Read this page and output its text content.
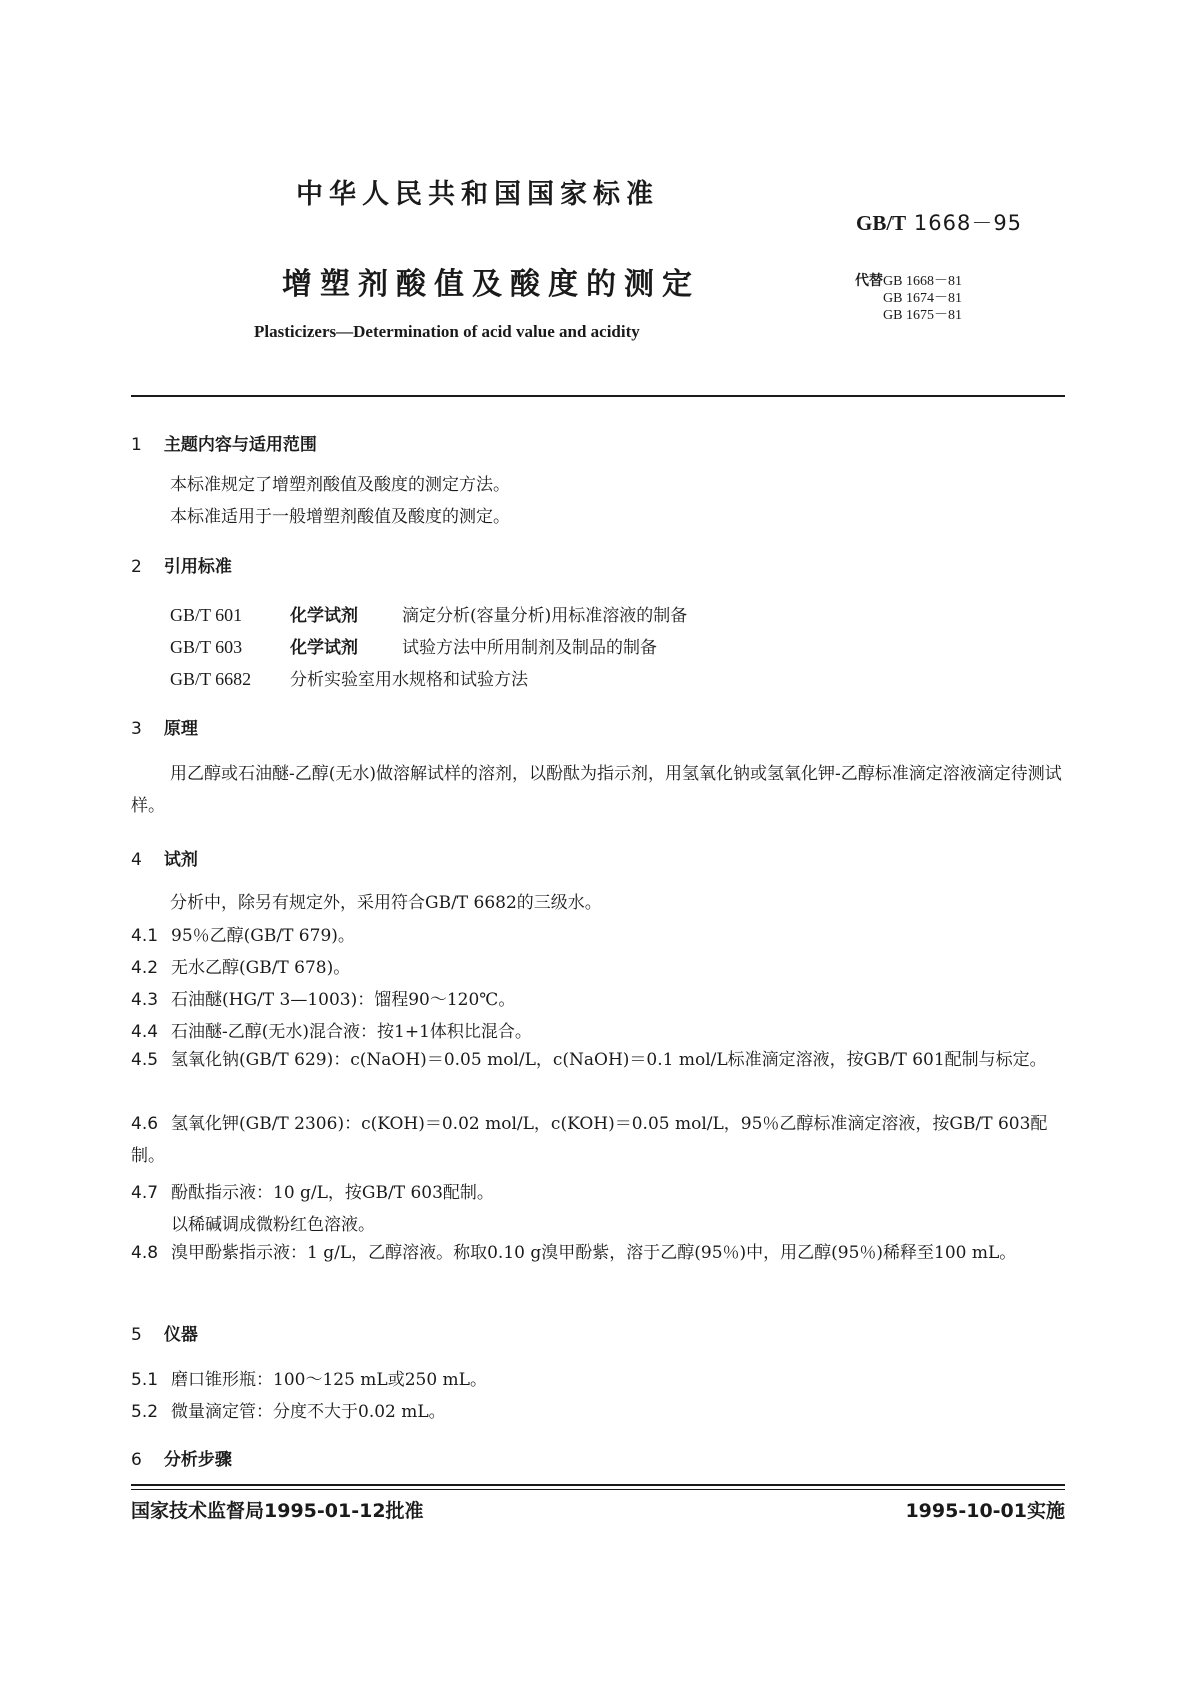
中华人民共和国国家标准
GB/T 1668－95
增塑剂酸值及酸度的测定	代替GB 1668－81
GB 1674－81
GB 1675－81
Plasticizers—Determination of acid value and acidity
1 主题内容与适用范围
本标准规定了增塑剂酸值及酸度的测定方法。
本标准适用于一般增塑剂酸值及酸度的测定。
2 引用标准
GB/T 601	化学试剂	滴定分析(容量分析)用标准溶液的制备
GB/T 603	化学试剂	试验方法中所用制剂及制品的制备
GB/T 6682 分析实验室用水规格和试验方法
3 原理
用乙醇或石油醚-乙醇(无水)做溶解试样的溶剂，以酚酞为指示剂，用氢氧化钠或氢氧化钾-乙醇标准滴定溶液滴定待测试样。
4 试剂
分析中，除另有规定外，采用符合GB/T 6682的三级水。
4.1 95％乙醇(GB/T 679)。
4.2 无水乙醇(GB/T 678)。
4.3 石油醚(HG/T 3—1003)：馏程90～120℃。
4.4 石油醚-乙醇(无水)混合液：按1+1体积比混合。
4.5 氢氧化钠(GB/T 629)：c(NaOH)＝0.05 mol/L，c(NaOH)＝0.1 mol/L标准滴定溶液，按GB/T 601配制与标定。
4.6 氢氧化钾(GB/T 2306)：c(KOH)＝0.02 mol/L，c(KOH)＝0.05 mol/L，95％乙醇标准滴定溶液，按GB/T 603配制。
4.7 酚酞指示液：10 g/L，按GB/T 603配制。
以稀碱调成微粉红色溶液。
4.8 溴甲酚紫指示液：1 g/L，乙醇溶液。称取0.10 g溴甲酚紫，溶于乙醇(95％)中，用乙醇(95％)稀释至100 mL。
5 仪器
5.1 磨口锥形瓶：100～125 mL或250 mL。
5.2 微量滴定管：分度不大于0.02 mL。
6 分析步骤
国家技术监督局1995-01-12批准	1995-10-01实施
